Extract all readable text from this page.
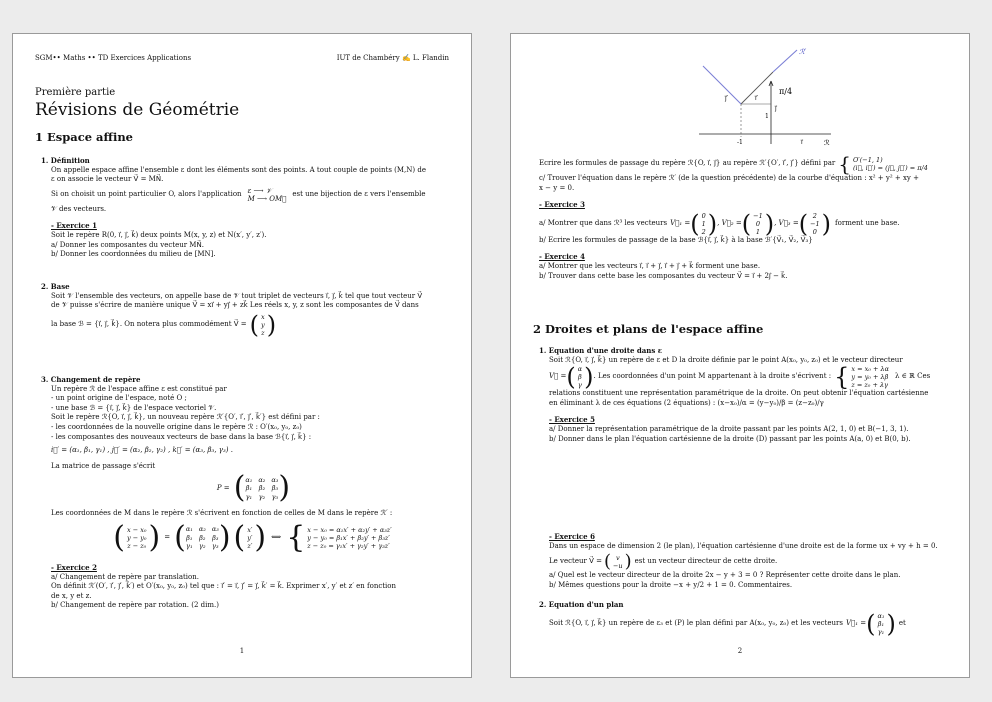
SGM•• Maths •• TD Exercices Applications	IUT de Chambéry ✍ L. Flandin
Première partie
Révisions de Géométrie
1 Espace affine
1. Définition
On appelle espace affine l'ensemble ε dont les éléments sont des points. A tout couple de points (M,N) de
ε on associe le vecteur V⃗ = MN⃗.
Si on choisit un point particulier O, alors l'application ε ⟶ 𝒱
M ⟶ OM⃗
est une bijection de ε vers l'ensemble
𝒱 des vecteurs.
- Exercice 1
Soit le repère R(0, i⃗, j⃗, k⃗) deux points M(x, y, z) et N(x′, y′, z′).
a/ Donner les composantes du vecteur MN⃗.
b/ Donner les coordonnées du milieu de [MN].
2. Base
Soit 𝒱 l'ensemble des vecteurs, on appelle base de 𝒱 tout triplet de vecteurs i⃗, j⃗, k⃗ tel que tout vecteur V⃗
de 𝒱 puisse s'écrire de manière unique V⃗ = xi⃗ + yj⃗ + zk⃗ Les réels x, y, z sont les composantes de V⃗ dans
la base ℬ = {i⃗, j⃗, k⃗}. On notera plus commodément V⃗ = ( x
y
z )
3. Changement de repère
Un repère ℛ de l'espace affine ε est constitué par
- un point origine de l'espace, noté O ;
- une base ℬ = {i⃗, j⃗, k⃗} de l'espace vectoriel 𝒱.
Soit le repère ℛ{O, i⃗, j⃗, k⃗}, un nouveau repère ℛ′{O′, i⃗′, j⃗′, k⃗′} est défini par :
- les coordonnées de la nouvelle origine dans le repère ℛ : O′(x₀, y₀, z₀)
- les composantes des nouveaux vecteurs de base dans la base ℬ{i⃗, j⃗, k⃗} :
i⃗′ = (α₁, β₁, γ₁) , j⃗′ = (α₂, β₂, γ₂) , k⃗′ = (α₃, β₃, γ₃) .
La matrice de passage s'écrit
P = ( α₁ α₂ α₃
β₁ β₂ β₃
γ₁ γ₂ γ₃ )
Les coordonnées de M dans le repère ℛ s'écrivent en fonction de celles de M dans le repère ℛ′ :
( x − x₀
y − y₀
z − z₀ ) = ( α₁ α₂ α₃
β₁ β₂ β₃
γ₁ γ₂ γ₃ ) ( x′
y′
z′ ) ⟺ { x − x₀ = α₁x′ + α₂y′ + α₃z′
y − y₀ = β₁x′ + β₂y′ + β₃z′
z − z₀ = γ₁x′ + γ₂y′ + γ₃z′
- Exercice 2
a/ Changement de repère par translation.
On définit ℛ′(O′, i⃗′, j⃗′, k⃗′) et O′(x₀, y₀, z₀) tel que : i⃗′ = i⃗, j⃗′ = j⃗, k⃗′ = k⃗. Exprimer x′, y′ et z′ en fonction
de x, y et z.
b/ Changement de repère par rotation. (2 dim.)
1
ℛ′
π/4
ℛ
-1	i⃗
1
j⃗
j⃗′	i⃗′
Ecrire les formules de passage du repère ℛ{O, i⃗, j⃗} au repère ℛ′{O′, i⃗′, j⃗′} défini par { O′(−1, 1)
(i⃗, i⃗′) = (j⃗, j⃗′) = π/4
c/ Trouver l'équation dans le repère ℛ′ (de la question précédente) de la courbe d'équation : x² + y² + xy +
x − y = 0.
- Exercice 3
a/ Montrer que dans ℛ³ les vecteurs V⃗₁ = ( 0
1
2 ) , V⃗₂ = ( −1
0
1 ) , V⃗₃ = ( 2
−1
0 ) forment une base.
b/ Ecrire les formules de passage de la base ℬ{i⃗, j⃗, k⃗} à la base ℬ′{V⃗₁, V⃗₂, V⃗₃}
- Exercice 4
a/ Montrer que les vecteurs i⃗, i⃗ + j⃗, i⃗ + j⃗ + k⃗ forment une base.
b/ Trouver dans cette base les composantes du vecteur V⃗ = i⃗ + 2j⃗ − k⃗.
2 Droites et plans de l'espace affine
1. Equation d'une droite dans ε
Soit ℛ{O, i⃗, j⃗, k⃗} un repère de ε et D la droite définie par le point A(x₀, y₀, z₀) et le vecteur directeur
V⃗ = ( α
β
γ ) . Les coordonnées d'un point M appartenant à la droite s'écrivent : { x = x₀ + λα
y = y₀ + λβ
z = z₀ + λγ
λ ∈ ℝ Ces
relations constituent une représentation paramétrique de la droite. On peut obtenir l'équation cartésienne
en éliminant λ de ces équations (2 équations) : (x−x₀)/α = (y−y₀)/β = (z−z₀)/γ
- Exercice 5
a/ Donner la représentation paramétrique de la droite passant par les points A(2, 1, 0) et B(−1, 3, 1).
b/ Donner dans le plan l'équation cartésienne de la droite (D) passant par les points A(a, 0) et B(0, b).
- Exercice 6
Dans un espace de dimension 2 (le plan), l'équation cartésienne d'une droite est de la forme ux + vy + h = 0.
Le vecteur V⃗ = ( v
−u ) est un vecteur directeur de cette droite.
a/ Quel est le vecteur directeur de la droite 2x − y + 3 = 0 ? Représenter cette droite dans le plan.
b/ Mêmes questions pour la droite −x + y/2 + 1 = 0. Commentaires.
2. Equation d'un plan
Soit ℛ{O, i⃗, j⃗, k⃗} un repère de ε₃ et (P) le plan défini par A(x₀, y₀, z₀) et les vecteurs V⃗₁ = ( α₁
β₁
γ₁ ) et
2
